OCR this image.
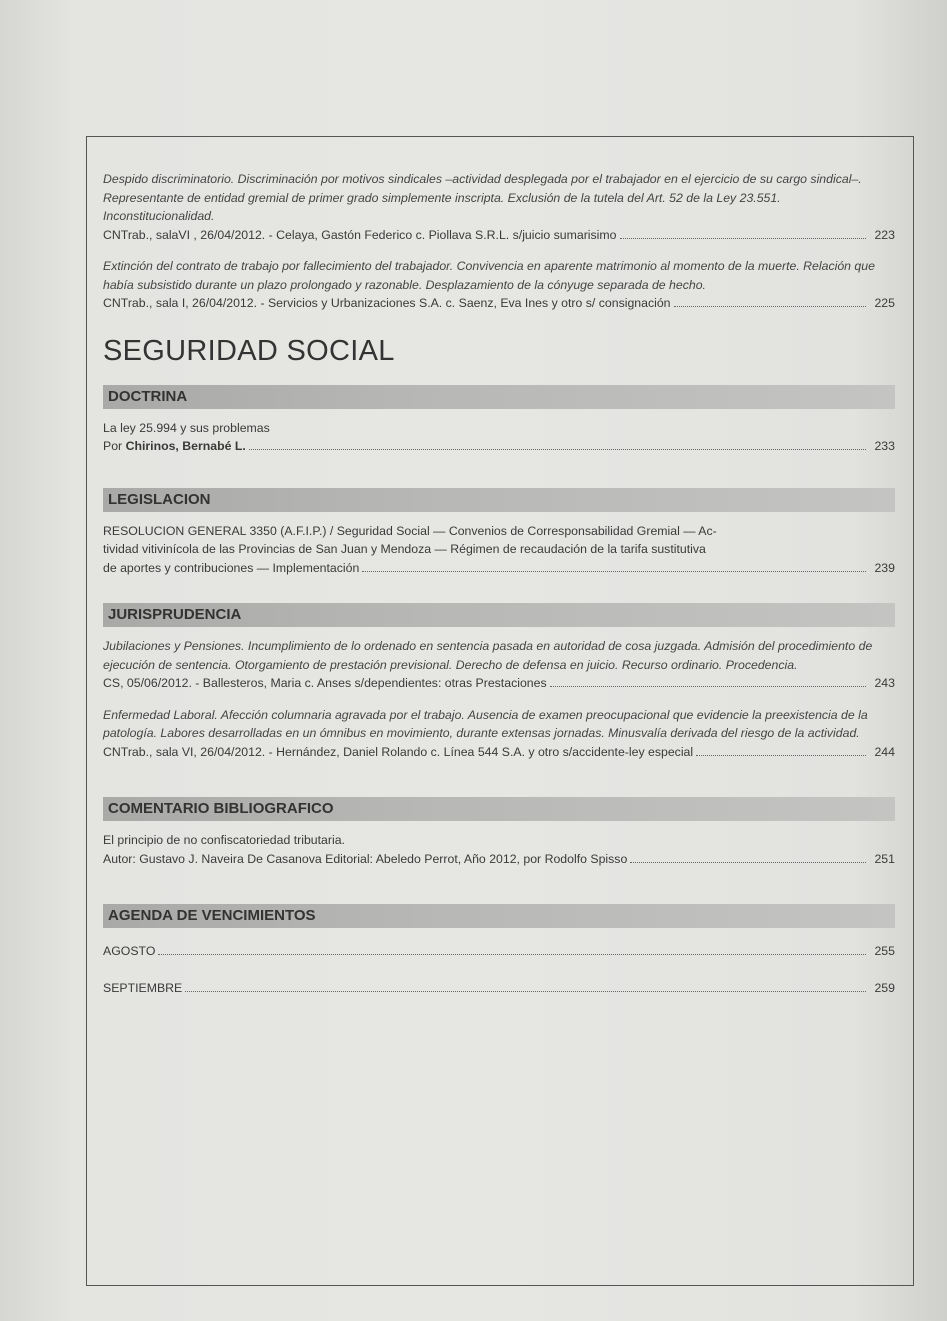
Despido discriminatorio. Discriminación por motivos sindicales –actividad desplegada por el trabajador en el ejercicio de su cargo sindical–. Representante de entidad gremial de primer grado simplemente inscripta. Exclusión de la tutela del Art. 52 de la Ley 23.551. Inconstitucionalidad.
CNTrab., salaVI , 26/04/2012. - Celaya, Gastón Federico c. Piollava S.R.L. s/juicio sumarisimo	223
Extinción del contrato de trabajo por fallecimiento del trabajador. Convivencia en aparente matrimonio al momento de la muerte. Relación que había subsistido durante un plazo prolongado y razonable. Desplazamiento de la cónyuge separada de hecho.
CNTrab., sala I, 26/04/2012. - Servicios y Urbanizaciones S.A. c. Saenz, Eva Ines y otro s/ consignación	225
SEGURIDAD SOCIAL
DOCTRINA
La ley 25.994 y sus problemas
Por Chirinos, Bernabé L.	233
LEGISLACION
RESOLUCION GENERAL 3350 (A.F.I.P.) / Seguridad Social — Convenios de Corresponsabilidad Gremial — Ac-
tividad vitivinícola de las Provincias de San Juan y Mendoza — Régimen de recaudación de la tarifa sustitutiva
de aportes y contribuciones — Implementación	239
JURISPRUDENCIA
Jubilaciones y Pensiones. Incumplimiento de lo ordenado en sentencia pasada en autoridad de cosa juzgada. Admisión del procedimiento de ejecución de sentencia. Otorgamiento de prestación previsional. Derecho de defensa en juicio. Recurso ordinario. Procedencia.
CS, 05/06/2012. - Ballesteros, Maria c. Anses s/dependientes: otras Prestaciones	243
Enfermedad Laboral. Afección columnaria agravada por el trabajo. Ausencia de examen preocupacional que evidencie la preexistencia de la patología. Labores desarrolladas en un ómnibus en movimiento, durante extensas jornadas. Minusvalía derivada del riesgo de la actividad.
CNTrab., sala VI, 26/04/2012. - Hernández, Daniel Rolando c. Línea 544 S.A. y otro s/accidente-ley especial	244
COMENTARIO BIBLIOGRAFICO
El principio de no confiscatoriedad tributaria.
Autor: Gustavo J. Naveira De Casanova Editorial: Abeledo Perrot, Año 2012, por Rodolfo Spisso	251
AGENDA DE VENCIMIENTOS
AGOSTO	255
SEPTIEMBRE	259
